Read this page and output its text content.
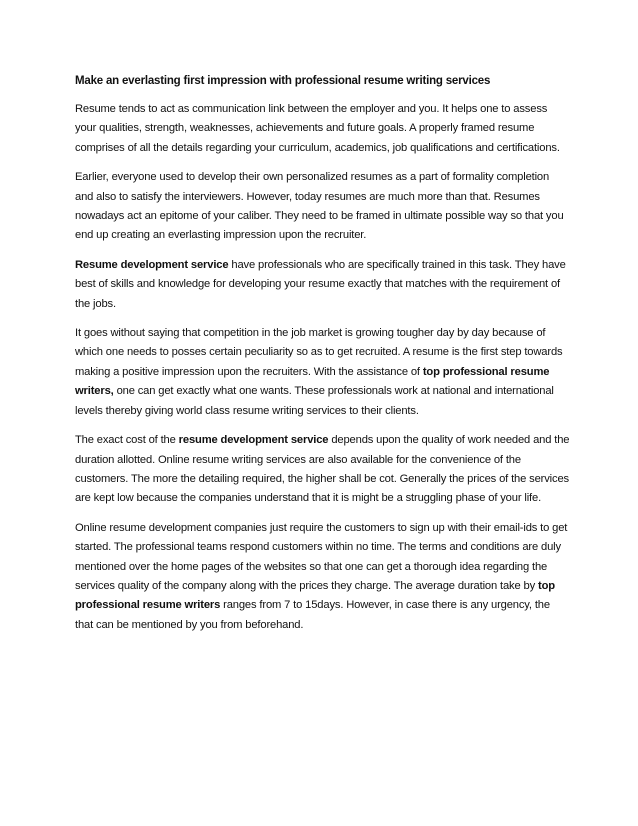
Make an everlasting first impression with professional resume writing services

Resume tends to act as communication link between the employer and you. It helps one to assess your qualities, strength, weaknesses, achievements and future goals. A properly framed resume comprises of all the details regarding your curriculum, academics, job qualifications and certifications.

Earlier, everyone used to develop their own personalized resumes as a part of formality completion and also to satisfy the interviewers. However, today resumes are much more than that. Resumes nowadays act an epitome of your caliber. They need to be framed in ultimate possible way so that you end up creating an everlasting impression upon the recruiter.

Resume development service have professionals who are specifically trained in this task. They have best of skills and knowledge for developing your resume exactly that matches with the requirement of the jobs.

It goes without saying that competition in the job market is growing tougher day by day because of which one needs to posses certain peculiarity so as to get recruited. A resume is the first step towards making a positive impression upon the recruiters. With the assistance of top professional resume writers, one can get exactly what one wants. These professionals work at national and international levels thereby giving world class resume writing services to their clients.

The exact cost of the resume development service depends upon the quality of work needed and the duration allotted. Online resume writing services are also available for the convenience of the customers. The more the detailing required, the higher shall be cot. Generally the prices of the services are kept low because the companies understand that it is might be a struggling phase of your life.

Online resume development companies just require the customers to sign up with their email-ids to get started. The professional teams respond customers within no time. The terms and conditions are duly mentioned over the home pages of the websites so that one can get a thorough idea regarding the services quality of the company along with the prices they charge. The average duration take by top professional resume writers ranges from 7 to 15days. However, in case there is any urgency, the that can be mentioned by you from beforehand.
